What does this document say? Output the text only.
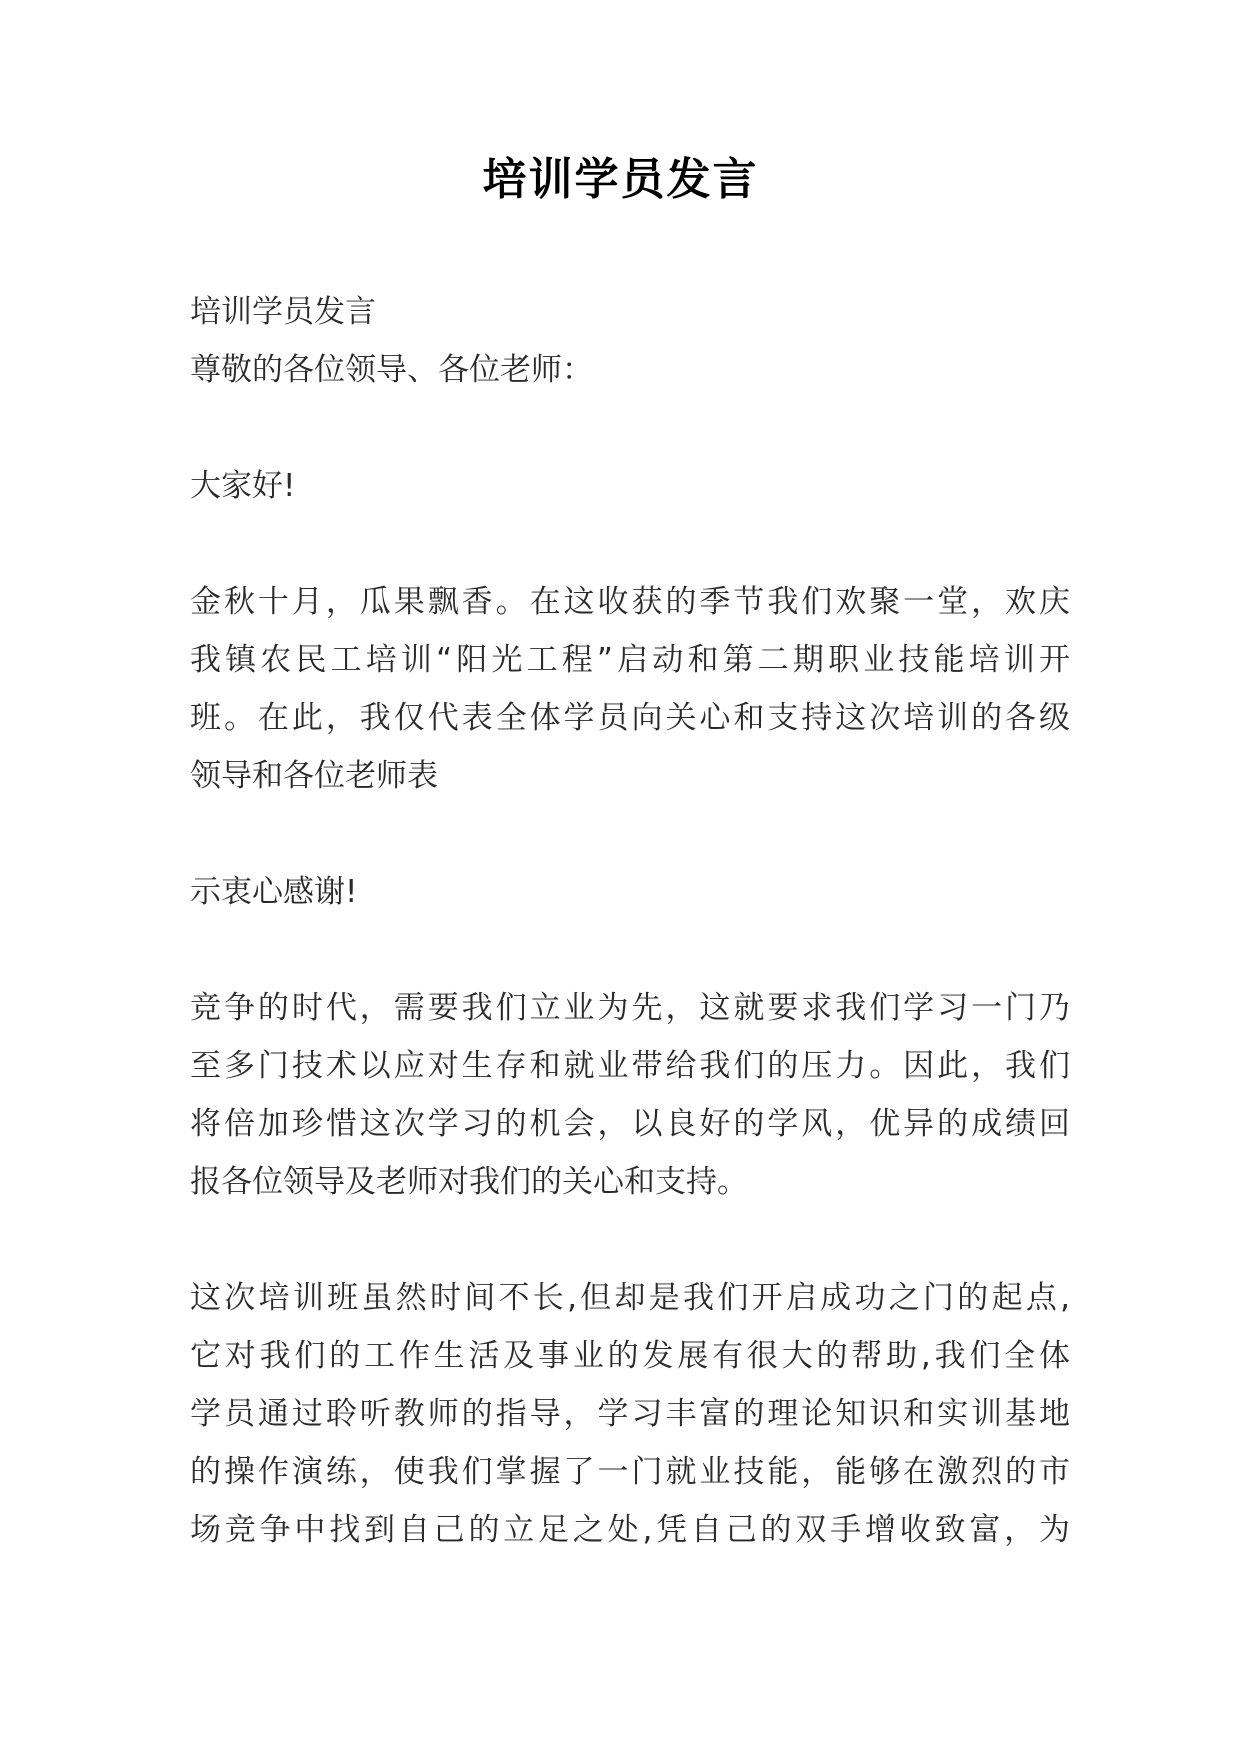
培训学员发言
培训学员发言
尊敬的各位领导、各位老师：
大家好!
金秋十月，瓜果飘香。在这收获的季节我们欢聚一堂，欢庆
我镇农民工培训“阳光工程”启动和第二期职业技能培训开
班。在此，我仅代表全体学员向关心和支持这次培训的各级
领导和各位老师表
示衷心感谢!
竞争的时代，需要我们立业为先，这就要求我们学习一门乃
至多门技术以应对生存和就业带给我们的压力。因此，我们
将倍加珍惜这次学习的机会，以良好的学风，优异的成绩回
报各位领导及老师对我们的关心和支持。
这次培训班虽然时间不长,但却是我们开启成功之门的起点,
它对我们的工作生活及事业的发展有很大的帮助,我们全体
学员通过聆听教师的指导，学习丰富的理论知识和实训基地
的操作演练，使我们掌握了一门就业技能，能够在激烈的市
场竞争中找到自己的立足之处,凭自己的双手增收致富，为
